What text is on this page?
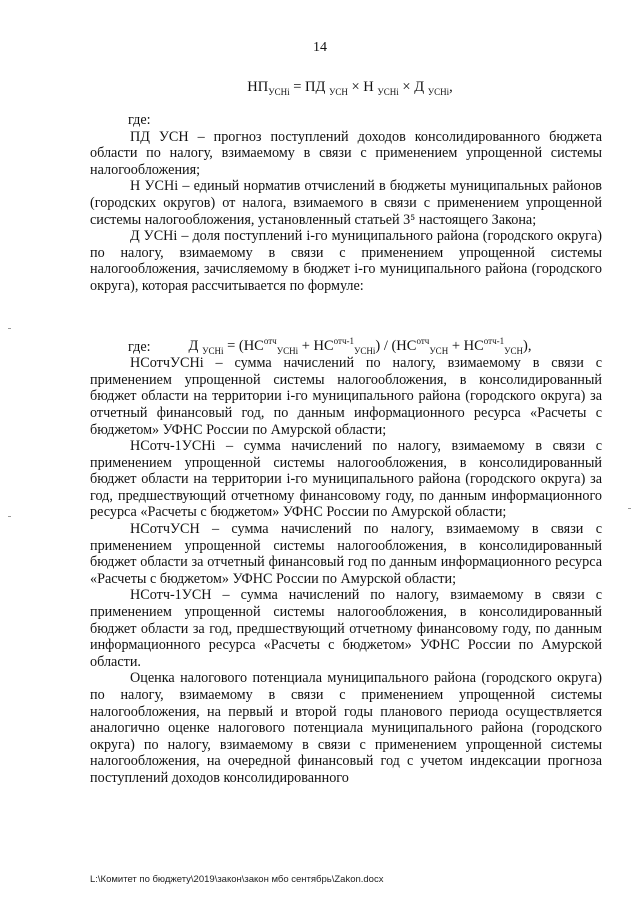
14
$НП_{УСНi}$ = ПД $_{УСН}$ × Н $_{УСНi}$ × Д $_{УСНi}$,
Д $_{УСНi} = (НС^{отч}_{УСНi} + НС^{отч-1}_{УСНi}) / (НС^{отч}_{УСН} + НС^{отч-1}_{УСН})$,

где:

ПД УСН – прогноз поступлений доходов консолидированного бюджета области по налогу, взимаемому в связи с применением упрощенной системы налогообложения;

Н УСНi – единый норматив отчислений в бюджеты муниципальных районов (городских округов) от налога, взимаемого в связи с применением упрощенной системы налогообложения, установленный статьей 3⁵ настоящего Закона;

Д УСНi – доля поступлений i-го муниципального района (городского округа) по налогу, взимаемому в связи с применением упрощенной системы налогообложения, зачисляемому в бюджет i-го муниципального района (городского округа), которая рассчитывается по формуле:

где:

НСотчУСНi – сумма начислений по налогу, взимаемому в связи с применением упрощенной системы налогообложения, в консолидированный бюджет области на территории i-го муниципального района (городского округа) за отчетный финансовый год, по данным информационного ресурса «Расчеты с бюджетом» УФНС России по Амурской области;

НСотч-1УСНi – сумма начислений по налогу, взимаемому в связи с применением упрощенной системы налогообложения, в консолидированный бюджет области на территории i-го муниципального района (городского округа) за год, предшествующий отчетному финансовому году, по данным информационного ресурса «Расчеты с бюджетом» УФНС России по Амурской области;

НСотчУСН – сумма начислений по налогу, взимаемому в связи с применением упрощенной системы налогообложения, в консолидированный бюджет области за отчетный финансовый год по данным информационного ресурса «Расчеты с бюджетом» УФНС России по Амурской области;

НСотч-1УСН – сумма начислений по налогу, взимаемому в связи с применением упрощенной системы налогообложения, в консолидированный бюджет области за год, предшествующий отчетному финансовому году, по данным информационного ресурса «Расчеты с бюджетом» УФНС России по Амурской области.

Оценка налогового потенциала муниципального района (городского округа) по налогу, взимаемому в связи с применением упрощенной системы налогообложения, на первый и второй годы планового периода осуществляется аналогично оценке налогового потенциала муниципального района (городского округа) по налогу, взимаемому в связи с применением упрощенной системы налогообложения, на очередной финансовый год с учетом индексации прогноза поступлений доходов консолидированного

L:\Комитет по бюджету\2019\закон\закон мбо сентябрь\Zakon.docx
